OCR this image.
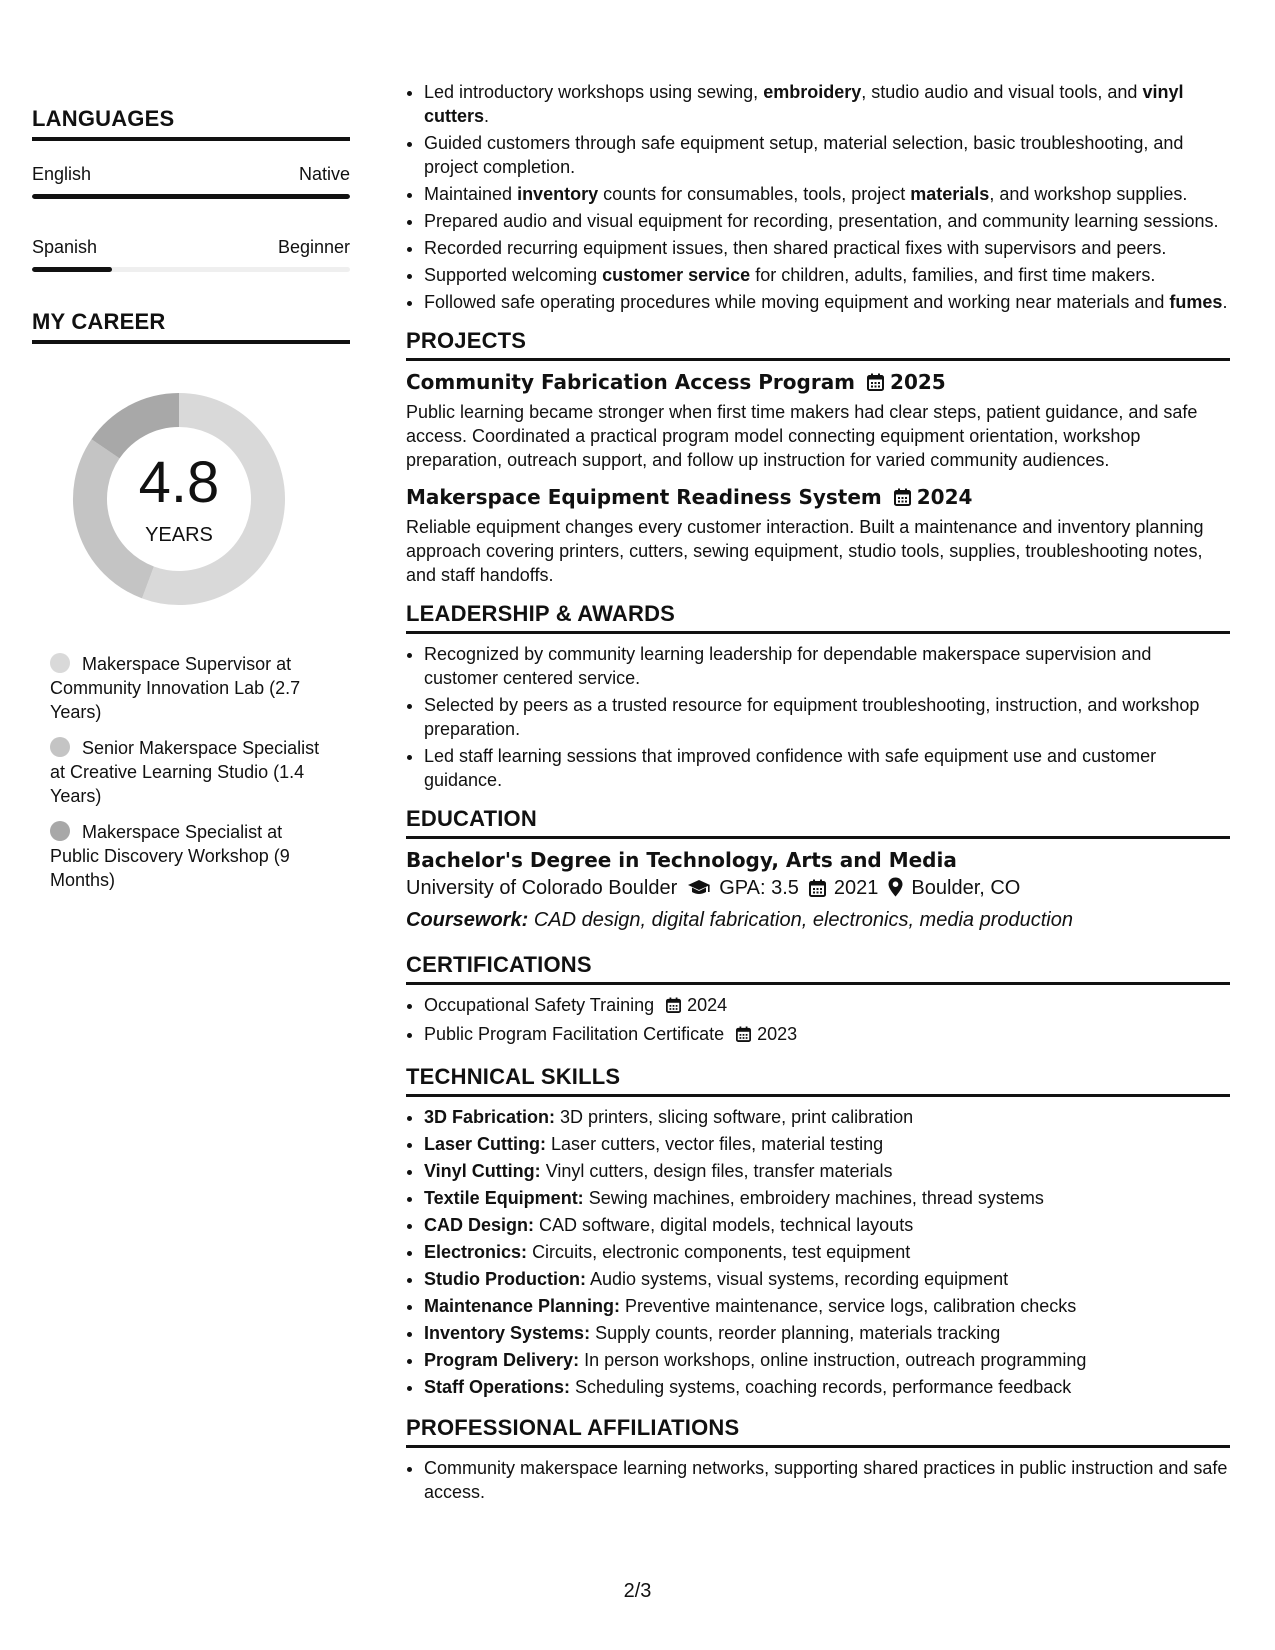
LANGUAGES
English	Native
Spanish	Beginner
MY CAREER
4.8
YEARS
Makerspace Supervisor at Community Innovation Lab (2.7 Years)
Senior Makerspace Specialist at Creative Learning Studio (1.4 Years)
Makerspace Specialist at Public Discovery Workshop (9 Months)
• Led introductory workshops using sewing, embroidery, studio audio and visual tools, and vinyl cutters.
• Guided customers through safe equipment setup, material selection, basic troubleshooting, and project completion.
• Maintained inventory counts for consumables, tools, project materials, and workshop supplies.
• Prepared audio and visual equipment for recording, presentation, and community learning sessions.
• Recorded recurring equipment issues, then shared practical fixes with supervisors and peers.
• Supported welcoming customer service for children, adults, families, and first time makers.
• Followed safe operating procedures while moving equipment and working near materials and fumes.
PROJECTS
Community Fabrication Access Program 2025
Public learning became stronger when first time makers had clear steps, patient guidance, and safe access. Coordinated a practical program model connecting equipment orientation, workshop preparation, outreach support, and follow up instruction for varied community audiences.
Makerspace Equipment Readiness System 2024
Reliable equipment changes every customer interaction. Built a maintenance and inventory planning approach covering printers, cutters, sewing equipment, studio tools, supplies, troubleshooting notes, and staff handoffs.
LEADERSHIP & AWARDS
• Recognized by community learning leadership for dependable makerspace supervision and customer centered service.
• Selected by peers as a trusted resource for equipment troubleshooting, instruction, and workshop preparation.
• Led staff learning sessions that improved confidence with safe equipment use and customer guidance.
EDUCATION
Bachelor's Degree in Technology, Arts and Media
University of Colorado Boulder GPA: 3.5 2021 Boulder, CO
Coursework: CAD design, digital fabrication, electronics, media production
CERTIFICATIONS
• Occupational Safety Training 2024
• Public Program Facilitation Certificate 2023
TECHNICAL SKILLS
• 3D Fabrication: 3D printers, slicing software, print calibration
• Laser Cutting: Laser cutters, vector files, material testing
• Vinyl Cutting: Vinyl cutters, design files, transfer materials
• Textile Equipment: Sewing machines, embroidery machines, thread systems
• CAD Design: CAD software, digital models, technical layouts
• Electronics: Circuits, electronic components, test equipment
• Studio Production: Audio systems, visual systems, recording equipment
• Maintenance Planning: Preventive maintenance, service logs, calibration checks
• Inventory Systems: Supply counts, reorder planning, materials tracking
• Program Delivery: In person workshops, online instruction, outreach programming
• Staff Operations: Scheduling systems, coaching records, performance feedback
PROFESSIONAL AFFILIATIONS
• Community makerspace learning networks, supporting shared practices in public instruction and safe access.
2/3
